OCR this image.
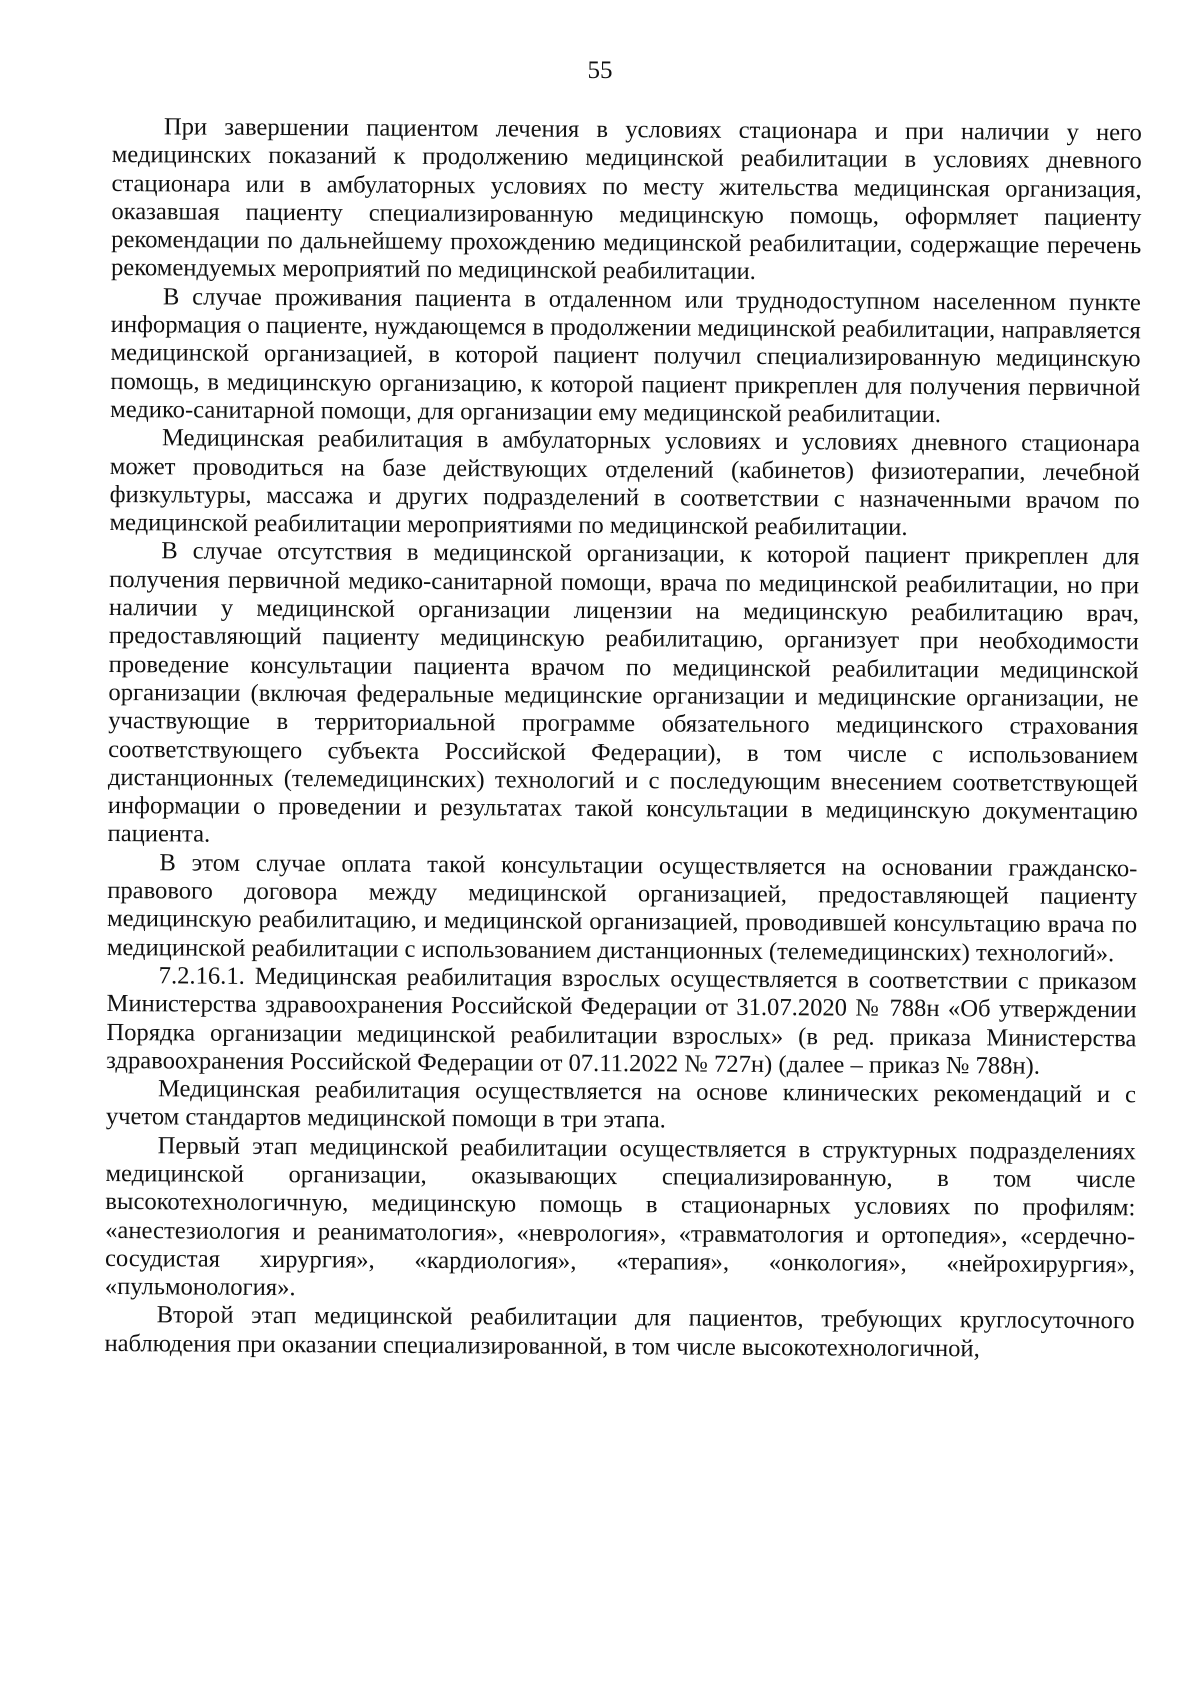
55

При завершении пациентом лечения в условиях стационара и при наличии у него медицинских показаний к продолжению медицинской реабилитации в условиях дневного стационара или в амбулаторных условиях по месту жительства медицинская организация, оказавшая пациенту специализированную медицинскую помощь, оформляет пациенту рекомендации по дальнейшему прохождению медицинской реабилитации, содержащие перечень рекомендуемых мероприятий по медицинской реабилитации.

В случае проживания пациента в отдаленном или труднодоступном населенном пункте информация о пациенте, нуждающемся в продолжении медицинской реабилитации, направляется медицинской организацией, в которой пациент получил специализированную медицинскую помощь, в медицинскую организацию, к которой пациент прикреплен для получения первичной медико-санитарной помощи, для организации ему медицинской реабилитации.

Медицинская реабилитация в амбулаторных условиях и условиях дневного стационара может проводиться на базе действующих отделений (кабинетов) физиотерапии, лечебной физкультуры, массажа и других подразделений в соответствии с назначенными врачом по медицинской реабилитации мероприятиями по медицинской реабилитации.

В случае отсутствия в медицинской организации, к которой пациент прикреплен для получения первичной медико-санитарной помощи, врача по медицинской реабилитации, но при наличии у медицинской организации лицензии на медицинскую реабилитацию врач, предоставляющий пациенту медицинскую реабилитацию, организует при необходимости проведение консультации пациента врачом по медицинской реабилитации медицинской организации (включая федеральные медицинские организации и медицинские организации, не участвующие в территориальной программе обязательного медицинского страхования соответствующего субъекта Российской Федерации), в том числе с использованием дистанционных (телемедицинских) технологий и с последующим внесением соответствующей информации о проведении и результатах такой консультации в медицинскую документацию пациента.

В этом случае оплата такой консультации осуществляется на основании гражданско-правового договора между медицинской организацией, предоставляющей пациенту медицинскую реабилитацию, и медицинской организацией, проводившей консультацию врача по медицинской реабилитации с использованием дистанционных (телемедицинских) технологий».

7.2.16.1. Медицинская реабилитация взрослых осуществляется в соответствии с приказом Министерства здравоохранения Российской Федерации от 31.07.2020 № 788н «Об утверждении Порядка организации медицинской реабилитации взрослых» (в ред. приказа Министерства здравоохранения Российской Федерации от 07.11.2022 № 727н) (далее – приказ № 788н).

Медицинская реабилитация осуществляется на основе клинических рекомендаций и с учетом стандартов медицинской помощи в три этапа.

Первый этап медицинской реабилитации осуществляется в структурных подразделениях медицинской организации, оказывающих специализированную, в том числе высокотехнологичную, медицинскую помощь в стационарных условиях по профилям: «анестезиология и реаниматология», «неврология», «травматология и ортопедия», «сердечно-сосудистая хирургия», «кардиология», «терапия», «онкология», «нейрохирургия», «пульмонология».

Второй этап медицинской реабилитации для пациентов, требующих круглосуточного наблюдения при оказании специализированной, в том числе высокотехнологичной,
